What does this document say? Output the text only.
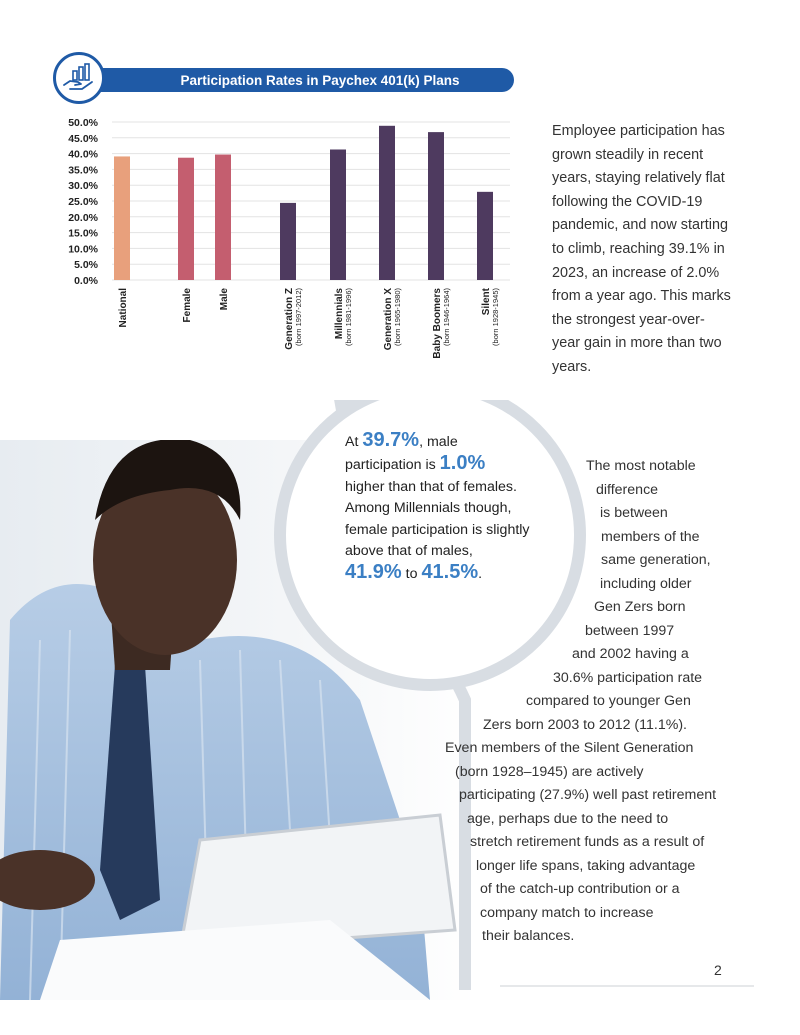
Participation Rates in Paychex 401(k) Plans
0.0%
5.0%
10.0%
15.0%
20.0%
25.0%
30.0%
35.0%
40.0%
45.0%
50.0%
National	Female	Male	Generation Z (born 1997-2012)	Millennials (born 1981-1996)	Generation X (born 1965-1980)	Baby Boomers (born 1946-1964)	Silent (born 1928-1945)
Employee participation has grown steadily in recent years, staying relatively flat following the COVID-19 pandemic, and now starting to climb, reaching 39.1% in 2023, an increase of 2.0% from a year ago. This marks the strongest year-over-year gain in more than two years.
At 39.7%, male
participation is 1.0%
higher than that of females. Among Millennials though, female participation is slightly above that of males,
41.9% to 41.5%.
The most notable
difference
is between
members of the
same generation,
including older
Gen Zers born
between 1997
and 2002 having a
30.6% participation rate
compared to younger Gen
Zers born 2003 to 2012 (11.1%).
Even members of the Silent Generation
(born 1928–1945) are actively
participating (27.9%) well past retirement
age, perhaps due to the need to
stretch retirement funds as a result of
longer life spans, taking advantage
of the catch-up contribution or a
company match to increase
their balances.
2
